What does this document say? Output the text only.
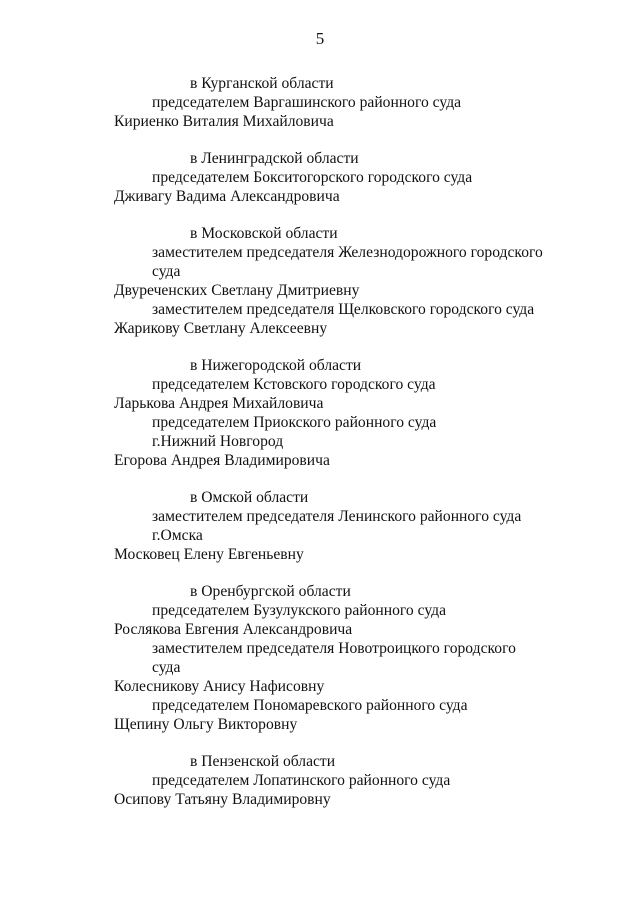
5
в Курганской области
председателем Варгашинского районного суда
Кириенко Виталия Михайловича
в Ленинградской области
председателем Бокситогорского городского суда
Дживагу Вадима Александровича
в Московской области
заместителем председателя Железнодорожного городского
суда
Двуреченских Светлану Дмитриевну
заместителем председателя Щелковского городского суда
Жарикову Светлану Алексеевну
в Нижегородской области
председателем Кстовского городского суда
Ларькова Андрея Михайловича
председателем Приокского районного суда
г.Нижний Новгород
Егорова Андрея Владимировича
в Омской области
заместителем председателя Ленинского районного суда
г.Омска
Московец Елену Евгеньевну
в Оренбургской области
председателем Бузулукского районного суда
Рослякова Евгения Александровича
заместителем председателя Новотроицкого городского
суда
Колесникову Анису Нафисовну
председателем Пономаревского районного суда
Щепину Ольгу Викторовну
в Пензенской области
председателем Лопатинского районного суда
Осипову Татьяну Владимировну
